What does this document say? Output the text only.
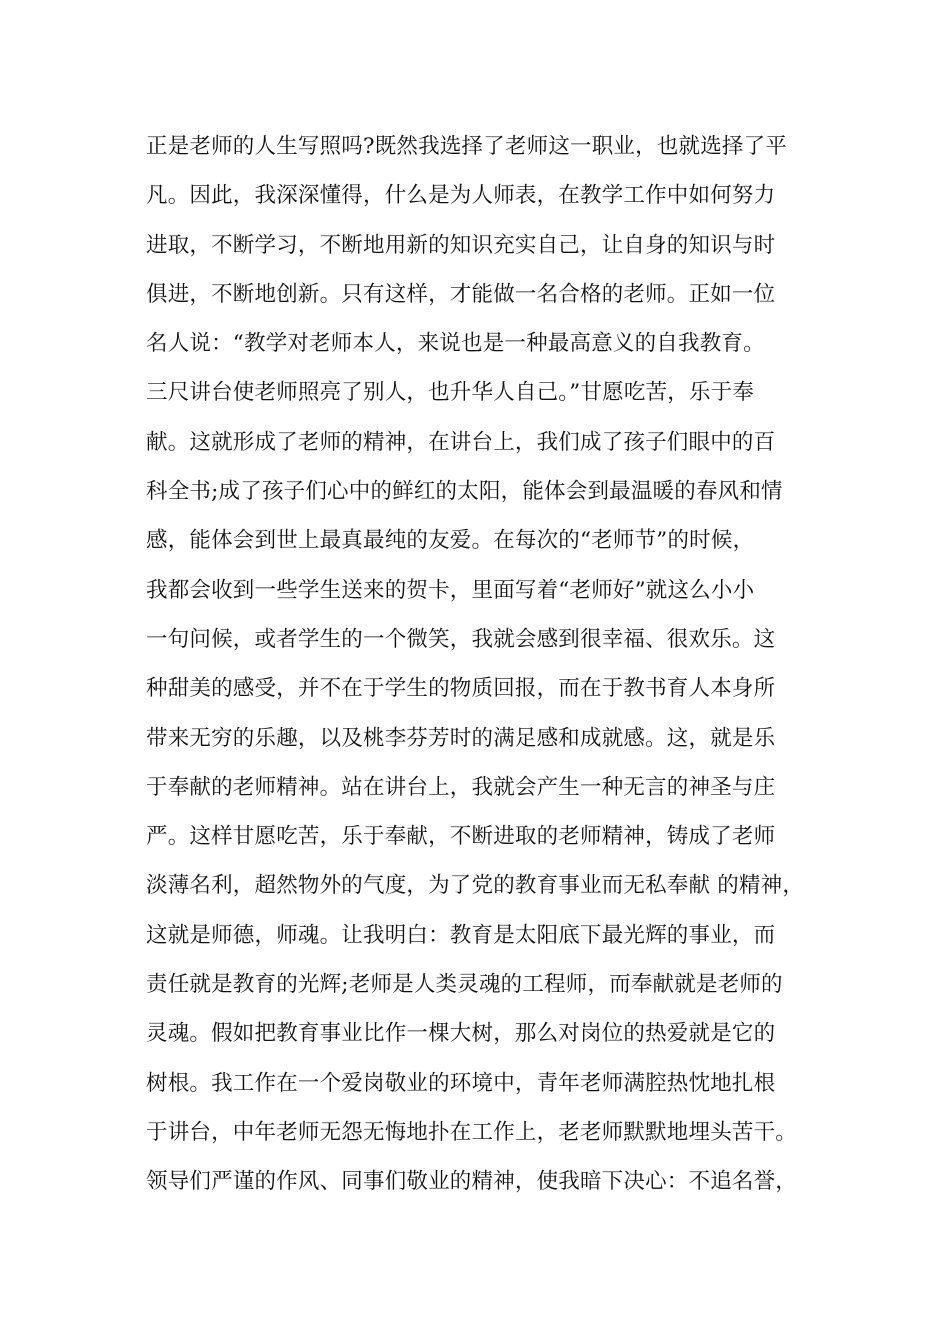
正是老师的人生写照吗?既然我选择了老师这一职业，也就选择了平
凡。因此，我深深懂得，什么是为人师表，在教学工作中如何努力
进取，不断学习，不断地用新的知识充实自己，让自身的知识与时
俱进，不断地创新。只有这样，才能做一名合格的老师。正如一位
名人说：“教学对老师本人，来说也是一种最高意义的自我教育。
三尺讲台使老师照亮了别人，也升华人自己。”甘愿吃苦，乐于奉
献。这就形成了老师的精神，在讲台上，我们成了孩子们眼中的百
科全书;成了孩子们心中的鲜红的太阳，能体会到最温暖的春风和情
感，能体会到世上最真最纯的友爱。在每次的“老师节”的时候，
我都会收到一些学生送来的贺卡，里面写着“老师好”就这么小小
一句问候，或者学生的一个微笑，我就会感到很幸福、很欢乐。这
种甜美的感受，并不在于学生的物质回报，而在于教书育人本身所
带来无穷的乐趣，以及桃李芬芳时的满足感和成就感。这，就是乐
于奉献的老师精神。站在讲台上，我就会产生一种无言的神圣与庄
严。这样甘愿吃苦，乐于奉献，不断进取的老师精神，铸成了老师
淡薄名利，超然物外的气度，为了党的教育事业而无私奉献 的精神，
这就是师德，师魂。让我明白：教育是太阳底下最光辉的事业，而
责任就是教育的光辉;老师是人类灵魂的工程师，而奉献就是老师的
灵魂。假如把教育事业比作一棵大树，那么对岗位的热爱就是它的
树根。我工作在一个爱岗敬业的环境中，青年老师满腔热忱地扎根
于讲台，中年老师无怨无悔地扑在工作上，老老师默默地埋头苦干。
领导们严谨的作风、同事们敬业的精神，使我暗下决心：不追名誉，
